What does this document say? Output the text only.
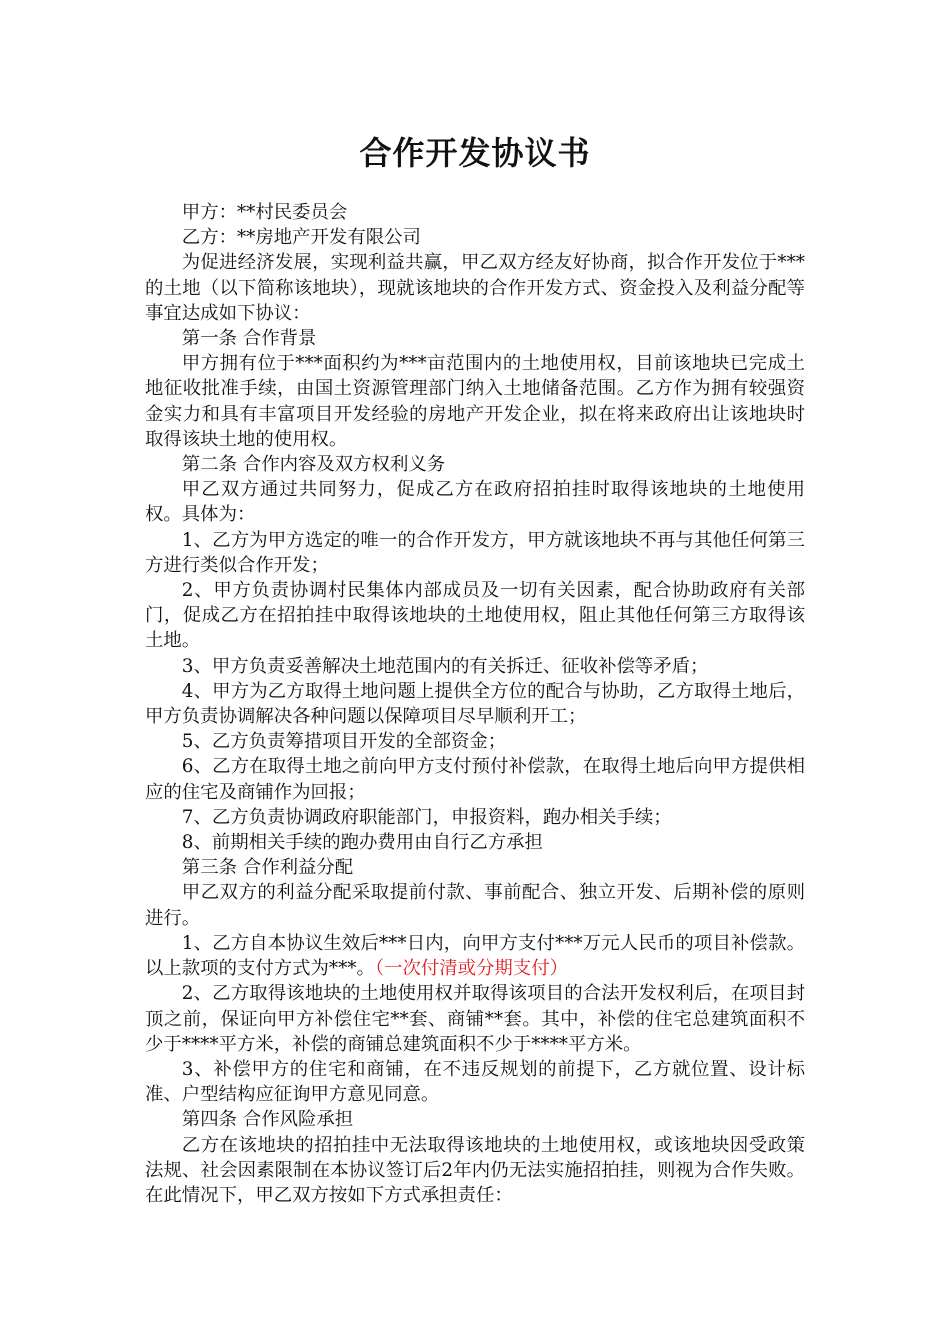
合作开发协议书

甲方：**村民委员会

乙方：**房地产开发有限公司

为促进经济发展，实现利益共赢，甲乙双方经友好协商，拟合作开发位于***的土地（以下简称该地块），现就该地块的合作开发方式、资金投入及利益分配等事宜达成如下协议：

第一条 合作背景

甲方拥有位于***面积约为***亩范围内的土地使用权，目前该地块已完成土地征收批准手续，由国土资源管理部门纳入土地储备范围。乙方作为拥有较强资金实力和具有丰富项目开发经验的房地产开发企业，拟在将来政府出让该地块时取得该块土地的使用权。

第二条 合作内容及双方权利义务

甲乙双方通过共同努力，促成乙方在政府招拍挂时取得该地块的土地使用权。具体为：

1、乙方为甲方选定的唯一的合作开发方，甲方就该地块不再与其他任何第三方进行类似合作开发；

2、甲方负责协调村民集体内部成员及一切有关因素，配合协助政府有关部门，促成乙方在招拍挂中取得该地块的土地使用权，阻止其他任何第三方取得该土地。

3、甲方负责妥善解决土地范围内的有关拆迁、征收补偿等矛盾；

4、甲方为乙方取得土地问题上提供全方位的配合与协助，乙方取得土地后，甲方负责协调解决各种问题以保障项目尽早顺利开工；

5、乙方负责筹措项目开发的全部资金；

6、乙方在取得土地之前向甲方支付预付补偿款，在取得土地后向甲方提供相应的住宅及商铺作为回报；

7、乙方负责协调政府职能部门，申报资料，跑办相关手续；

8、前期相关手续的跑办费用由自行乙方承担

第三条 合作利益分配

甲乙双方的利益分配采取提前付款、事前配合、独立开发、后期补偿的原则进行。

1、乙方自本协议生效后***日内，向甲方支付***万元人民币的项目补偿款。以上款项的支付方式为***。（一次付清或分期支付）

2、乙方取得该地块的土地使用权并取得该项目的合法开发权利后，在项目封顶之前，保证向甲方补偿住宅**套、商铺**套。其中，补偿的住宅总建筑面积不少于****平方米，补偿的商铺总建筑面积不少于****平方米。

3、补偿甲方的住宅和商铺，在不违反规划的前提下，乙方就位置、设计标准、户型结构应征询甲方意见同意。

第四条 合作风险承担

乙方在该地块的招拍挂中无法取得该地块的土地使用权，或该地块因受政策法规、社会因素限制在本协议签订后2年内仍无法实施招拍挂，则视为合作失败。在此情况下，甲乙双方按如下方式承担责任：
